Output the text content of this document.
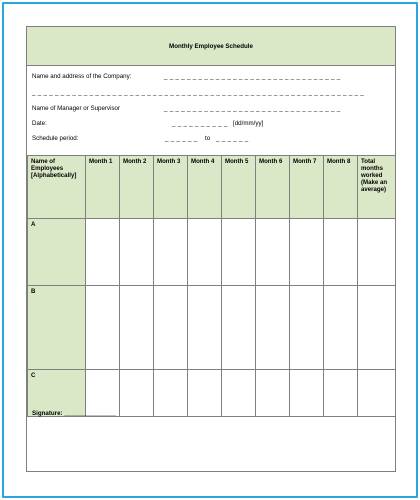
Monthly Employee Schedule
Name and address of the Company:	_ _ _ _ _ _ _ _ _ _ _ _ _ _ _ _ _ _ _ _ _ _ _ _ _ _ _ _ _ _ _
_ _ _ _ _ _ _ _ _ _ _ _ _ _ _ _ _ _ _ _ _ _ _ _ _ _ _ _ _ _ _ _ _ _ _ _ _ _ _ _ _ _ _ _ _ _ _ _ _ _ _ _ _ _ _ _ _ _
Name of Manager or Supervisor	_ _ _ _ _ _ _ _ _ _ _ _ _ _ _ _ _ _ _ _ _ _ _ _ _ _ _ _ _ _ _
Date:	_ _ _ _ _ _ _ _ _ _ [dd/mm/yy]
Schedule period:	_ _ _ _ _ _ to _ _ _ _ _ _
Name of Employees [Alphabetically]	Month 1	Month 2	Month 3	Month 4	Month 5	Month 6	Month 7	Month 8	Total months worked (Make an average)
A									
B									
C									
Signature: _______________
